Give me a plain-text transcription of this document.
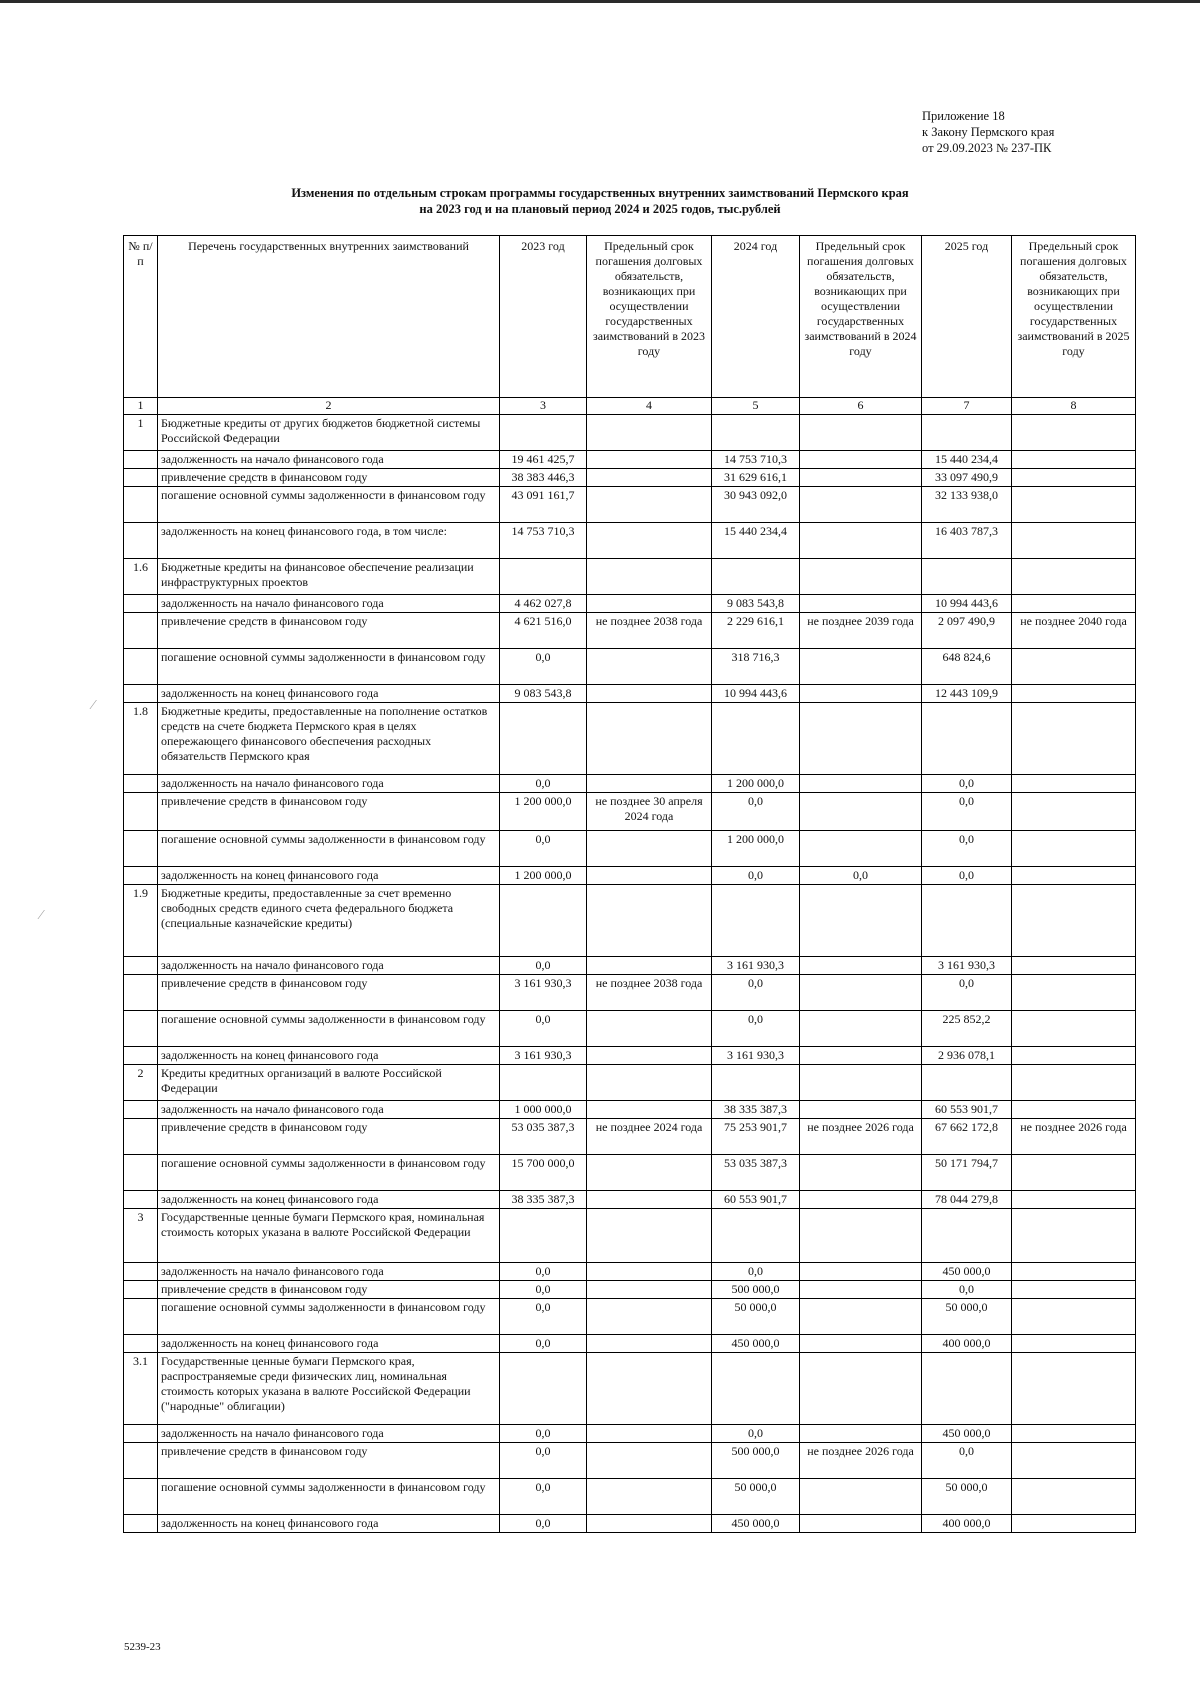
Приложение 18
к Закону Пермского края
от 29.09.2023 № 237-ПК
Изменения по отдельным строкам программы государственных внутренних заимствований Пермского края
на 2023 год и на плановый период 2024 и 2025 годов, тыс.рублей
№ п/п	Перечень государственных внутренних заимствований	2023 год	Предельный срок погашения долговых обязательств, возникающих при осуществлении государственных заимствований в 2023 году	2024 год	Предельный срок погашения долговых обязательств, возникающих при осуществлении государственных заимствований в 2024 году	2025 год	Предельный срок погашения долговых обязательств, возникающих при осуществлении государственных заимствований в 2025 году
1	2	3	4	5	6	7	8
1	Бюджетные кредиты от других бюджетов бюджетной системы Российской Федерации						
	задолженность на начало финансового года	19 461 425,7		14 753 710,3		15 440 234,4	
	привлечение средств в финансовом году	38 383 446,3		31 629 616,1		33 097 490,9	
	погашение основной суммы задолженности в финансовом году	43 091 161,7		30 943 092,0		32 133 938,0	
	задолженность на конец финансового года, в том числе:	14 753 710,3		15 440 234,4		16 403 787,3	
1.6	Бюджетные кредиты на финансовое обеспечение реализации инфраструктурных проектов						
	задолженность на начало финансового года	4 462 027,8		9 083 543,8		10 994 443,6	
	привлечение средств в финансовом году	4 621 516,0	не позднее 2038 года	2 229 616,1	не позднее 2039 года	2 097 490,9	не позднее 2040 года
	погашение основной суммы задолженности в финансовом году	0,0		318 716,3		648 824,6	
	задолженность на конец финансового года	9 083 543,8		10 994 443,6		12 443 109,9	
1.8	Бюджетные кредиты, предоставленные на пополнение остатков средств на счете бюджета Пермского края в целях опережающего финансового обеспечения расходных обязательств Пермского края						
	задолженность на начало финансового года	0,0		1 200 000,0		0,0	
	привлечение средств в финансовом году	1 200 000,0	не позднее 30 апреля 2024 года	0,0		0,0	
	погашение основной суммы задолженности в финансовом году	0,0		1 200 000,0		0,0	
	задолженность на конец финансового года	1 200 000,0		0,0	0,0	0,0	
1.9	Бюджетные кредиты, предоставленные за счет временно свободных средств единого счета федерального бюджета (специальные казначейские кредиты)						
	задолженность на начало финансового года	0,0		3 161 930,3		3 161 930,3	
	привлечение средств в финансовом году	3 161 930,3	не позднее 2038 года	0,0		0,0	
	погашение основной суммы задолженности в финансовом году	0,0		0,0		225 852,2	
	задолженность на конец финансового года	3 161 930,3		3 161 930,3		2 936 078,1	
2	Кредиты кредитных организаций в валюте Российской Федерации						
	задолженность на начало финансового года	1 000 000,0		38 335 387,3		60 553 901,7	
	привлечение средств в финансовом году	53 035 387,3	не позднее 2024 года	75 253 901,7	не позднее 2026 года	67 662 172,8	не позднее 2026 года
	погашение основной суммы задолженности в финансовом году	15 700 000,0		53 035 387,3		50 171 794,7	
	задолженность на конец финансового года	38 335 387,3		60 553 901,7		78 044 279,8	
3	Государственные ценные бумаги Пермского края, номинальная стоимость которых указана в валюте Российской Федерации						
	задолженность на начало финансового года	0,0		0,0		450 000,0	
	привлечение средств в финансовом году	0,0		500 000,0		0,0	
	погашение основной суммы задолженности в финансовом году	0,0		50 000,0		50 000,0	
	задолженность на конец финансового года	0,0		450 000,0		400 000,0	
3.1	Государственные ценные бумаги Пермского края, распространяемые среди физических лиц, номинальная стоимость которых указана в валюте Российской Федерации ("народные" облигации)						
	задолженность на начало финансового года	0,0		0,0		450 000,0	
	привлечение средств в финансовом году	0,0		500 000,0	не позднее 2026 года	0,0	
	погашение основной суммы задолженности в финансовом году	0,0		50 000,0		50 000,0	
	задолженность на конец финансового года	0,0		450 000,0		400 000,0	
⁄
⁄
5239-23
